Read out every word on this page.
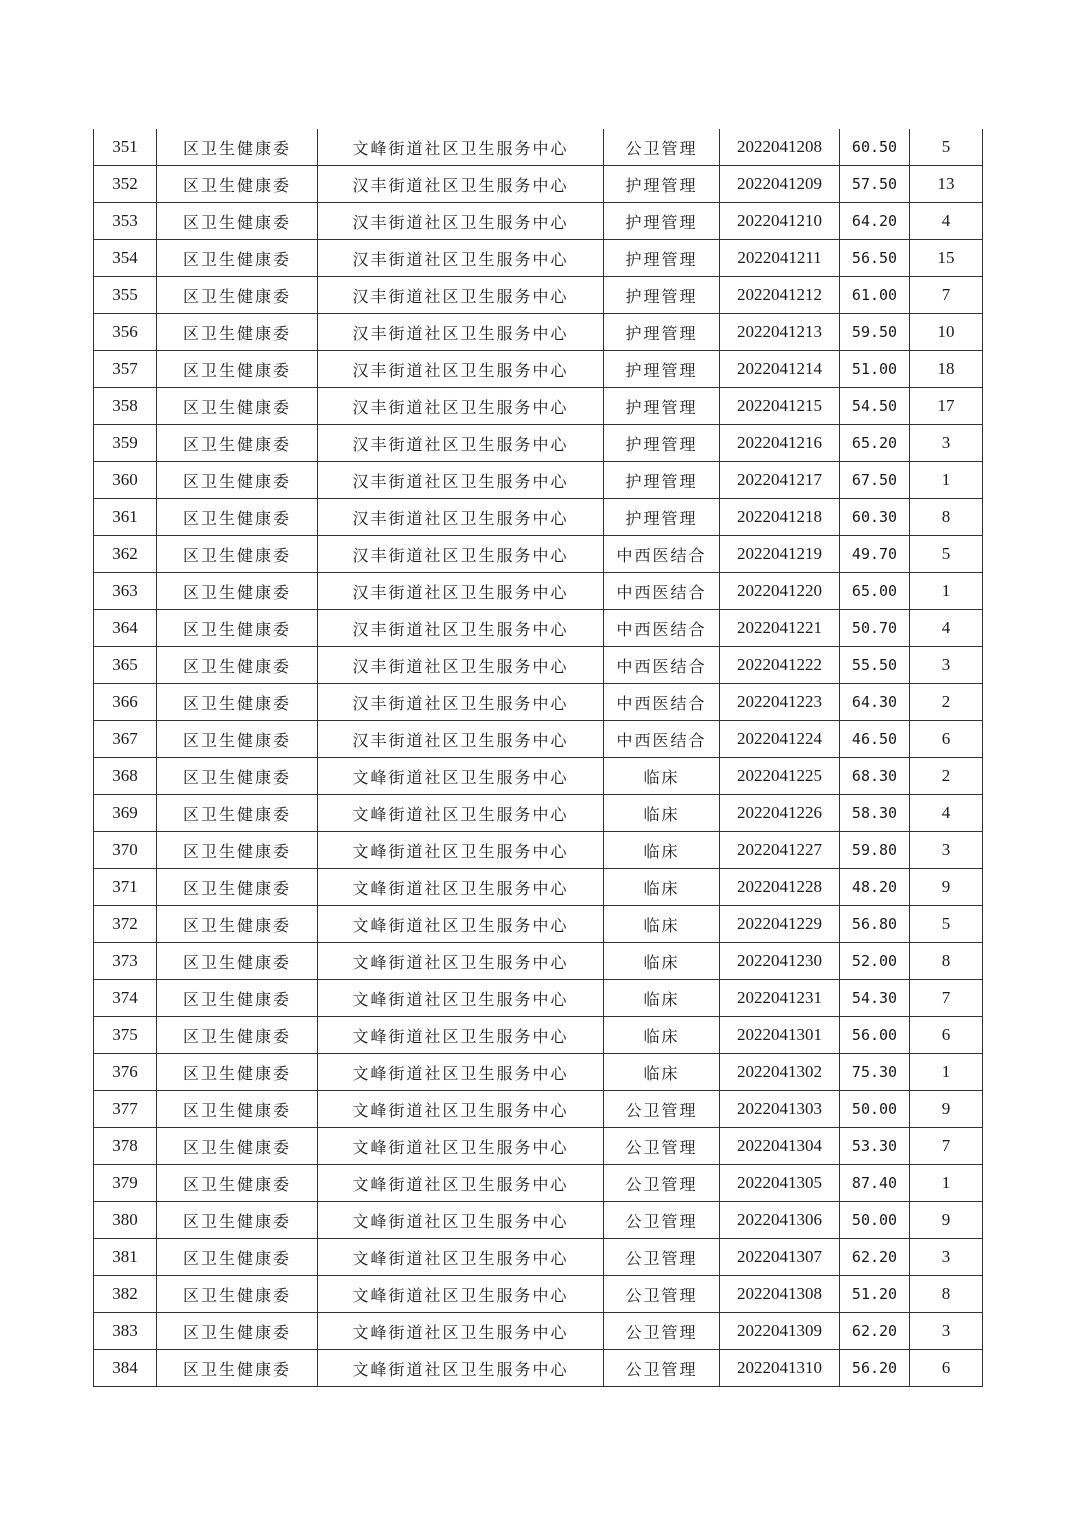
351	区卫生健康委	文峰街道社区卫生服务中心	公卫管理	2022041208	60.50	5
352	区卫生健康委	汉丰街道社区卫生服务中心	护理管理	2022041209	57.50	13
353	区卫生健康委	汉丰街道社区卫生服务中心	护理管理	2022041210	64.20	4
354	区卫生健康委	汉丰街道社区卫生服务中心	护理管理	2022041211	56.50	15
355	区卫生健康委	汉丰街道社区卫生服务中心	护理管理	2022041212	61.00	7
356	区卫生健康委	汉丰街道社区卫生服务中心	护理管理	2022041213	59.50	10
357	区卫生健康委	汉丰街道社区卫生服务中心	护理管理	2022041214	51.00	18
358	区卫生健康委	汉丰街道社区卫生服务中心	护理管理	2022041215	54.50	17
359	区卫生健康委	汉丰街道社区卫生服务中心	护理管理	2022041216	65.20	3
360	区卫生健康委	汉丰街道社区卫生服务中心	护理管理	2022041217	67.50	1
361	区卫生健康委	汉丰街道社区卫生服务中心	护理管理	2022041218	60.30	8
362	区卫生健康委	汉丰街道社区卫生服务中心	中西医结合	2022041219	49.70	5
363	区卫生健康委	汉丰街道社区卫生服务中心	中西医结合	2022041220	65.00	1
364	区卫生健康委	汉丰街道社区卫生服务中心	中西医结合	2022041221	50.70	4
365	区卫生健康委	汉丰街道社区卫生服务中心	中西医结合	2022041222	55.50	3
366	区卫生健康委	汉丰街道社区卫生服务中心	中西医结合	2022041223	64.30	2
367	区卫生健康委	汉丰街道社区卫生服务中心	中西医结合	2022041224	46.50	6
368	区卫生健康委	文峰街道社区卫生服务中心	临床	2022041225	68.30	2
369	区卫生健康委	文峰街道社区卫生服务中心	临床	2022041226	58.30	4
370	区卫生健康委	文峰街道社区卫生服务中心	临床	2022041227	59.80	3
371	区卫生健康委	文峰街道社区卫生服务中心	临床	2022041228	48.20	9
372	区卫生健康委	文峰街道社区卫生服务中心	临床	2022041229	56.80	5
373	区卫生健康委	文峰街道社区卫生服务中心	临床	2022041230	52.00	8
374	区卫生健康委	文峰街道社区卫生服务中心	临床	2022041231	54.30	7
375	区卫生健康委	文峰街道社区卫生服务中心	临床	2022041301	56.00	6
376	区卫生健康委	文峰街道社区卫生服务中心	临床	2022041302	75.30	1
377	区卫生健康委	文峰街道社区卫生服务中心	公卫管理	2022041303	50.00	9
378	区卫生健康委	文峰街道社区卫生服务中心	公卫管理	2022041304	53.30	7
379	区卫生健康委	文峰街道社区卫生服务中心	公卫管理	2022041305	87.40	1
380	区卫生健康委	文峰街道社区卫生服务中心	公卫管理	2022041306	50.00	9
381	区卫生健康委	文峰街道社区卫生服务中心	公卫管理	2022041307	62.20	3
382	区卫生健康委	文峰街道社区卫生服务中心	公卫管理	2022041308	51.20	8
383	区卫生健康委	文峰街道社区卫生服务中心	公卫管理	2022041309	62.20	3
384	区卫生健康委	文峰街道社区卫生服务中心	公卫管理	2022041310	56.20	6
